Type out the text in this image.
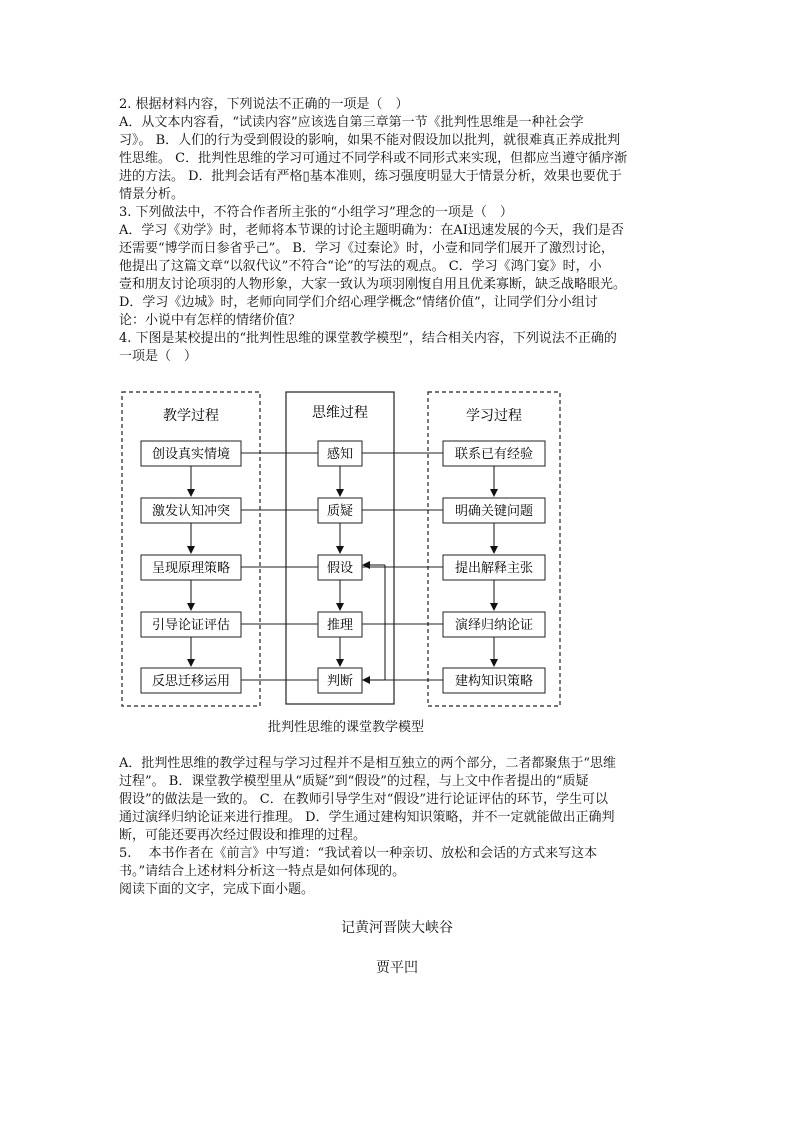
2. 根据材料内容，下列说法不正确的一项是（　）
A．从文本内容看，“试读内容”应该选自第三章第一节《批判性思维是一种社会学
习》。 B．人们的行为受到假设的影响，如果不能对假设加以批判，就很难真正养成批判
性思维。 C．批判性思维的学习可通过不同学科或不同形式来实现，但都应当遵守循序渐
进的方法。 D．批判会话有严格▯基本准则，练习强度明显大于情景分析，效果也要优于
情景分析。
3. 下列做法中，不符合作者所主张的“小组学习”理念的一项是（　）
A．学习《劝学》时，老师将本节课的讨论主题明确为：在AI迅速发展的今天，我们是否
还需要“博学而日参省乎己”。 B．学习《过秦论》时，小壹和同学们展开了激烈讨论，
他提出了这篇文章“以叙代议”不符合“论”的写法的观点。 C．学习《鸿门宴》时，小
壹和朋友讨论项羽的人物形象，大家一致认为项羽刚愎自用且优柔寡断，缺乏战略眼光。
D．学习《边城》时，老师向同学们介绍心理学概念“情绪价值”，让同学们分小组讨
论：小说中有怎样的情绪价值？
4. 下图是某校提出的“批判性思维的课堂教学模型”，结合相关内容，下列说法不正确的
一项是（　）
教学过程	思维过程	学习过程
创设真实情境
激发认知冲突
呈现原理策略
引导论证评估
反思迁移运用
感知
质疑
假设
推理
判断
联系已有经验
明确关键问题
提出解释主张
演绎归纳论证
建构知识策略
批判性思维的课堂教学模型
A．批判性思维的教学过程与学习过程并不是相互独立的两个部分，二者都聚焦于“思维
过程”。 B．课堂教学模型里从“质疑”到“假设”的过程，与上文中作者提出的“质疑
假设”的做法是一致的。 C．在教师引导学生对“假设”进行论证评估的环节，学生可以
通过演绎归纳论证来进行推理。 D．学生通过建构知识策略，并不一定就能做出正确判
断，可能还要再次经过假设和推理的过程。
5.　 本书作者在《前言》中写道：“我试着以一种亲切、放松和会话的方式来写这本
书。”请结合上述材料分析这一特点是如何体现的。
阅读下面的文字，完成下面小题。
记黄河晋陕大峡谷
贾平凹
